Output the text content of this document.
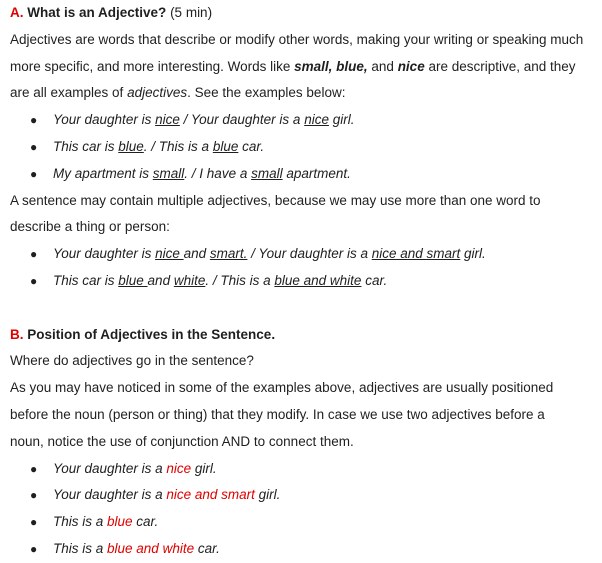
A. What is an Adjective? (5 min)
Adjectives are words that describe or modify other words, making your writing or speaking much
more specific, and more interesting. Words like small, blue, and nice are descriptive, and they
are all examples of adjectives. See the examples below:
● Your daughter is nice / Your daughter is a nice girl.
● This car is blue. / This is a blue car.
● My apartment is small. / I have a small apartment.
A sentence may contain multiple adjectives, because we may use more than one word to
describe a thing or person:
● Your daughter is nice and smart. / Your daughter is a nice and smart girl.
● This car is blue and white. / This is a blue and white car.
B. Position of Adjectives in the Sentence.
Where do adjectives go in the sentence?
As you may have noticed in some of the examples above, adjectives are usually positioned
before the noun (person or thing) that they modify. In case we use two adjectives before a
noun, notice the use of conjunction AND to connect them.
● Your daughter is a nice girl.
● Your daughter is a nice and smart girl.
● This is a blue car.
● This is a blue and white car.
